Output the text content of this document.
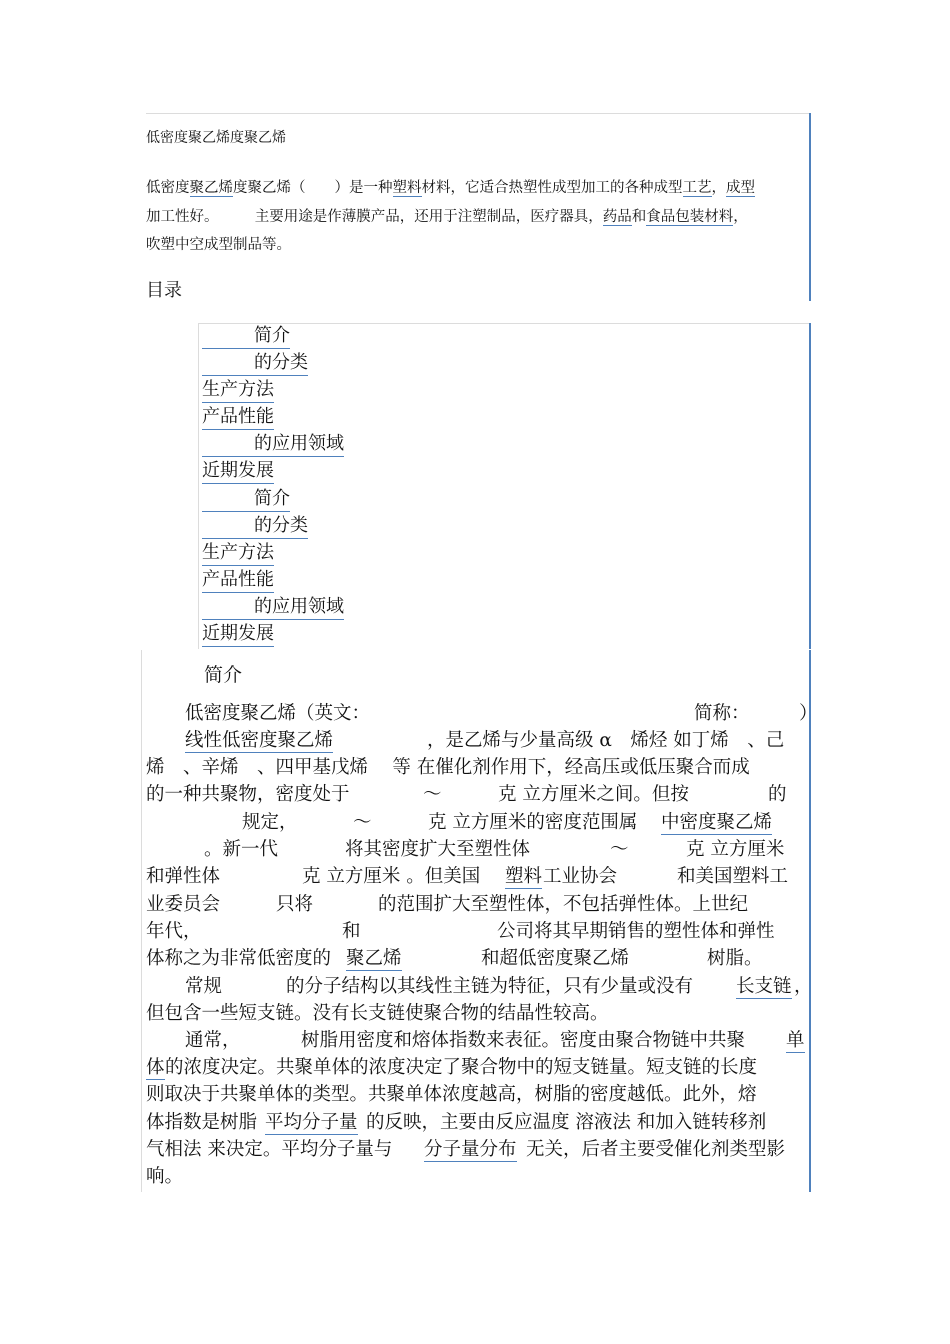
低密度聚乙烯度聚乙烯
低密度聚乙烯度聚乙烯（　　）是一种塑料材料，它适合热塑性成型加工的各种成型工艺，成型
加工性好。　　　主要用途是作薄膜产品，还用于注塑制品，医疗器具，药品和食品包装材料，
吹塑中空成型制品等。
目录
简介
的分类
生产方法
产品性能
的应用领域
近期发展
简介
的分类
生产方法
产品性能
的应用领域
近期发展
简介
低密度聚乙烯（英文：	简称：	）
线性低密度聚乙烯	，是乙烯与少量高级 α　烯烃 如丁烯　、己
烯　、辛烯　、四甲基戊烯　 等 在催化剂作用下，经高压或低压聚合而成
的一种共聚物，密度处于	～	克 立方厘米之间。但按	的
规定，	～	克 立方厘米的密度范围属 中密度聚乙烯
。新一代	将其密度扩大至塑性体	～	克 立方厘米
和弹性体	克 立方厘米 。但美国 塑料 工业协会	和美国塑料工
业委员会	只将	的范围扩大至塑性体，不包括弹性体。上世纪
年代，	和	公司将其早期销售的塑性体和弹性
体称之为非常低密度的 聚乙烯	和超低密度聚乙烯	树脂。
常规	的分子结构以其线性主链为特征，只有少量或没有 长支链 ，
但包含一些短支链。没有长支链使聚合物的结晶性较高。
通常，	树脂用密度和熔体指数来表征。密度由聚合物链中共聚 单
体 的浓度决定。共聚单体的浓度决定了聚合物中的短支链量。短支链的长度
则取决于共聚单体的类型。共聚单体浓度越高，树脂的密度越低。此外，熔
体指数是树脂 平均分子量 的反映，主要由反应温度 溶液法 和加入链转移剂
气相法 来决定。平均分子量与 分子量分布 无关，后者主要受催化剂类型影
响。
